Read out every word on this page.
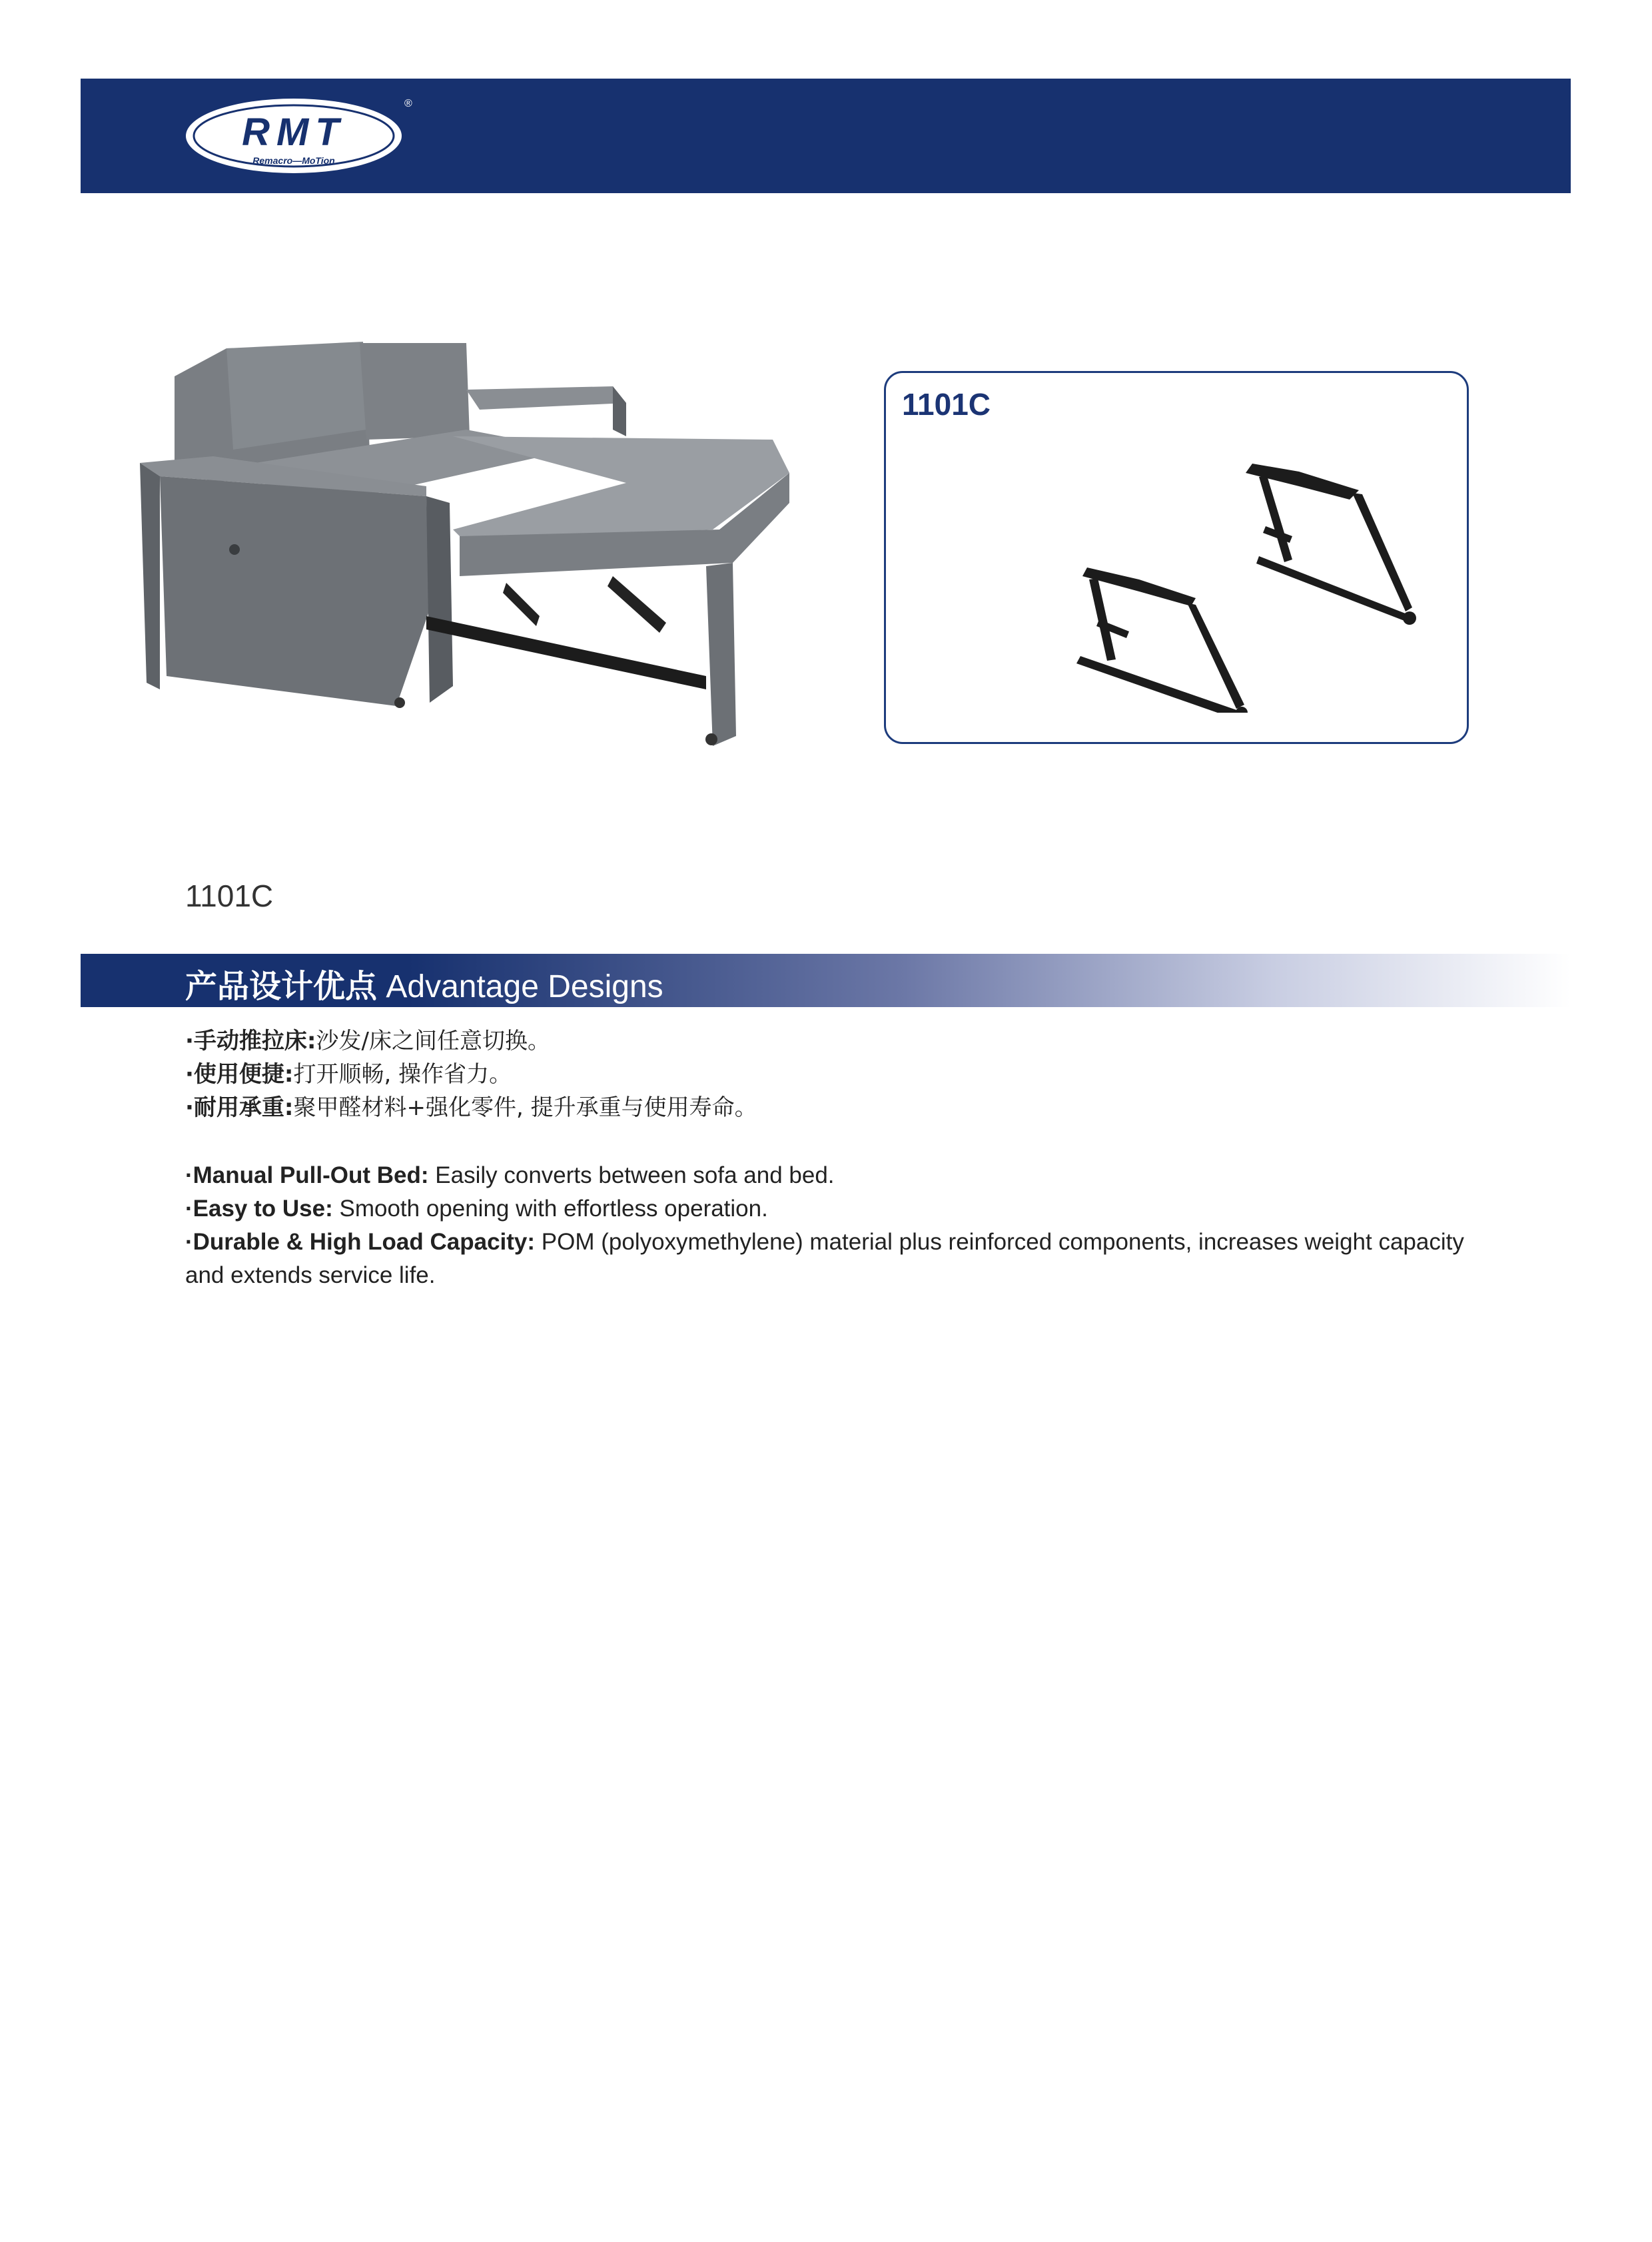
RMT
Remacro—MoTion
®
1101C
1101C
产品设计优点 Advantage Designs
·手动推拉床:沙发/床之间任意切换。
·使用便捷:打开顺畅, 操作省力。
·耐用承重:聚甲醛材料+强化零件, 提升承重与使用寿命。
·Manual Pull-Out Bed: Easily converts between sofa and bed.
·Easy to Use: Smooth opening with effortless operation.
·Durable & High Load Capacity: POM (polyoxymethylene) material plus reinforced components, increases weight capacity and extends service life.
